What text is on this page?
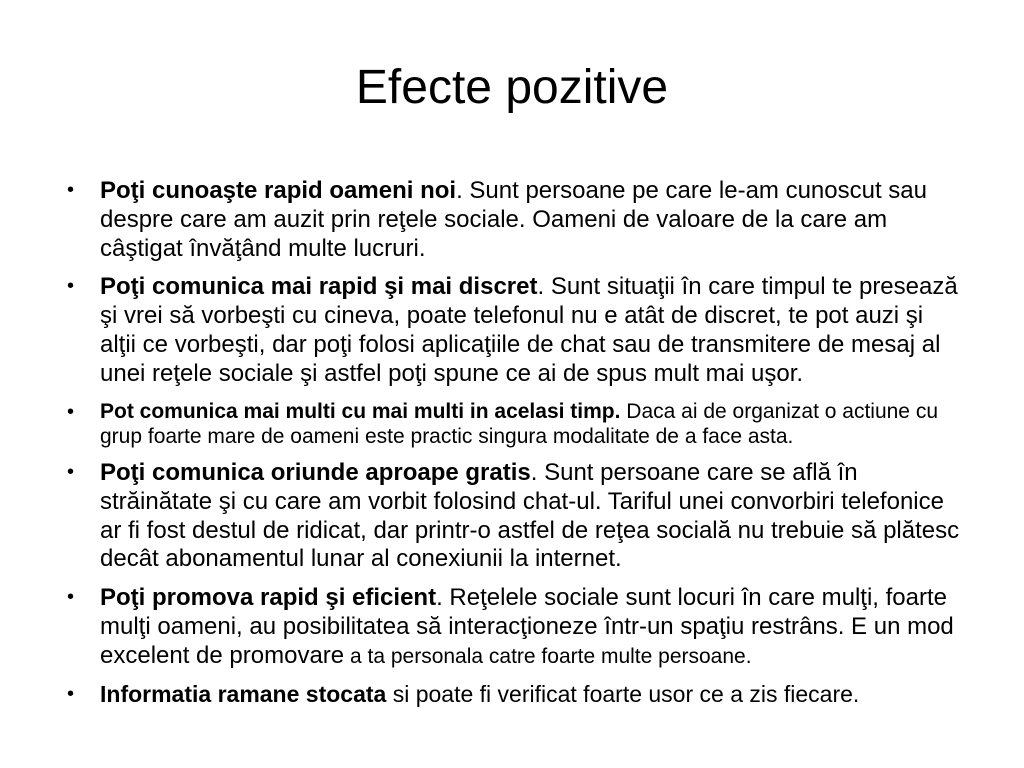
Efecte pozitive
• Poţi cunoaşte rapid oameni noi. Sunt persoane pe care le-am cunoscut sau despre care am auzit prin reţele sociale. Oameni de valoare de la care am câştigat învăţând multe lucruri.
• Poţi comunica mai rapid şi mai discret. Sunt situaţii în care timpul te presează şi vrei să vorbeşti cu cineva, poate telefonul nu e atât de discret, te pot auzi şi alţii ce vorbeşti, dar poţi folosi aplicaţiile de chat sau de transmitere de mesaj al unei reţele sociale şi astfel poţi spune ce ai de spus mult mai uşor.
• Pot comunica mai multi cu mai multi in acelasi timp. Daca ai de organizat o actiune cu grup foarte mare de oameni este practic singura modalitate de a face asta.
• Poţi comunica oriunde aproape gratis. Sunt persoane care se află în străinătate şi cu care am vorbit folosind chat-ul. Tariful unei convorbiri telefonice ar fi fost destul de ridicat, dar printr-o astfel de reţea socială nu trebuie să plătesc decât abonamentul lunar al conexiunii la internet.
• Poţi promova rapid şi eficient. Reţelele sociale sunt locuri în care mulţi, foarte mulţi oameni, au posibilitatea să interacţioneze într-un spaţiu restrâns. E un mod excelent de promovare a ta personala catre foarte multe persoane.
• Informatia ramane stocata si poate fi verificat foarte usor ce a zis fiecare.
